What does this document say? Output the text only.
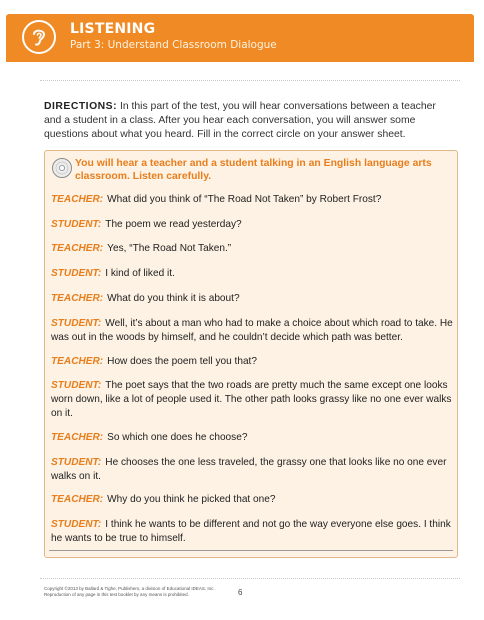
LISTENING
Part 3: Understand Classroom Dialogue
DIRECTIONS: In this part of the test, you will hear conversations between a teacher and a student in a class. After you hear each conversation, you will answer some questions about what you heard. Fill in the correct circle on your answer sheet.
You will hear a teacher and a student talking in an English language arts classroom. Listen carefully.
TEACHER: What did you think of “The Road Not Taken” by Robert Frost?
STUDENT: The poem we read yesterday?
TEACHER: Yes, “The Road Not Taken.”
STUDENT: I kind of liked it.
TEACHER: What do you think it is about?
STUDENT: Well, it’s about a man who had to make a choice about which road to take. He was out in the woods by himself, and he couldn’t decide which path was better.
TEACHER: How does the poem tell you that?
STUDENT: The poet says that the two roads are pretty much the same except one looks worn down, like a lot of people used it. The other path looks grassy like no one ever walks on it.
TEACHER: So which one does he choose?
STUDENT: He chooses the one less traveled, the grassy one that looks like no one ever walks on it.
TEACHER: Why do you think he picked that one?
STUDENT: I think he wants to be different and not go the way everyone else goes. I think he wants to be true to himself.
Copyright ©2013 by Ballard & Tighe, Publishers, a division of Educational IDEAS, Inc.
Reproduction of any page in this test booklet by any means is prohibited.	6
